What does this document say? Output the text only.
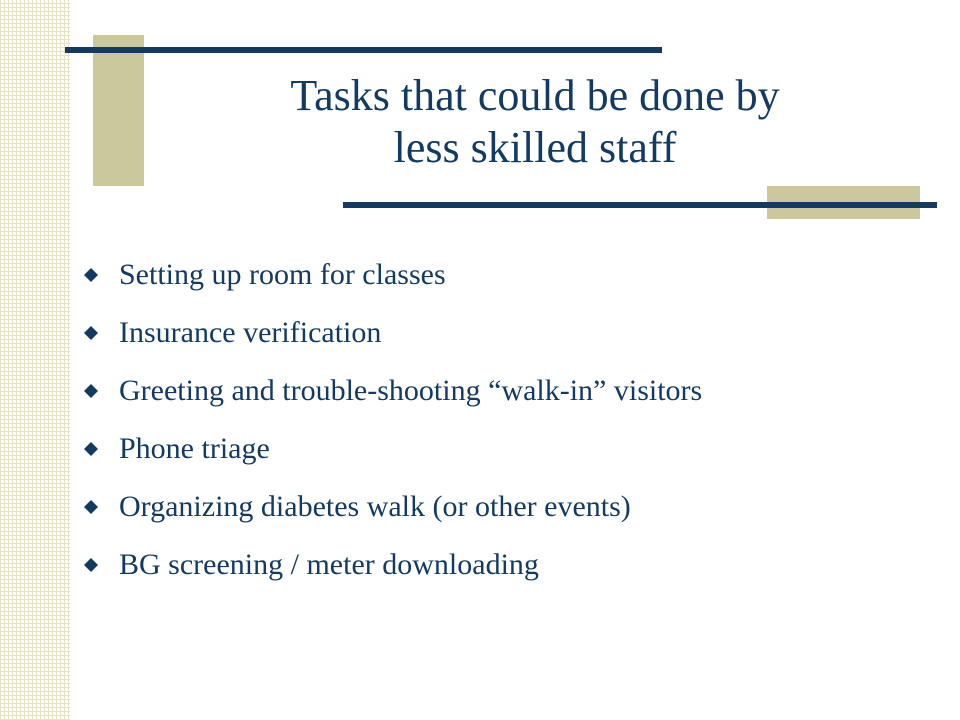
Tasks that could be done by
less skilled staff
Setting up room for classes
Insurance verification
Greeting and trouble-shooting “walk-in” visitors
Phone triage
Organizing diabetes walk (or other events)
BG screening / meter downloading
